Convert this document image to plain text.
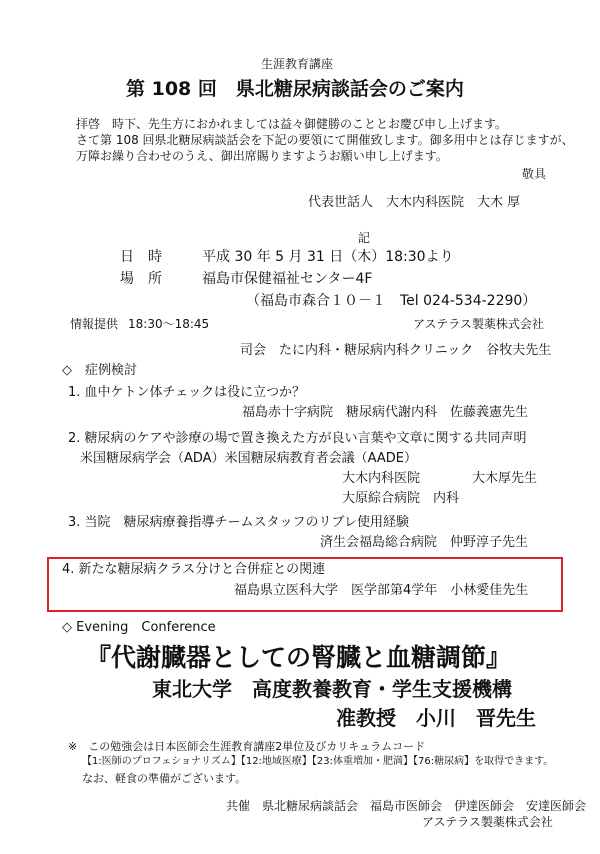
生涯教育講座
第 108 回　県北糖尿病談話会のご案内
拝啓　時下、先生方におかれましては益々御健勝のこととお慶び申し上げます。
さて第 108 回県北糖尿病談話会を下記の要領にて開催致します。御多用中とは存じますが、
万障お繰り合わせのうえ、御出席賜りますようお願い申し上げます。
敬具
代表世話人　大木内科医院　大木 厚
記
日　時	平成 30 年 5 月 31 日（木）18:30より
場　所	福島市保健福祉センター4F
（福島市森合１０－１　Tel 024-534-2290）
情報提供 18:30～18:45	アステラス製薬株式会社
司会　たに内科・糖尿病内科クリニック　谷牧夫先生
◇　症例検討
1. 血中ケトン体チェックは役に立つか？
福島赤十字病院　糖尿病代謝内科　佐藤義憲先生
2. 糖尿病のケアや診療の場で置き換えた方が良い言葉や文章に関する共同声明
米国糖尿病学会（ADA）米国糖尿病教育者会議（AADE）
大木内科医院	大木厚先生
大原綜合病院　内科
3. 当院　糖尿病療養指導チームスタッフのリブレ使用経験
済生会福島総合病院　仲野淳子先生
4. 新たな糖尿病クラス分けと合併症との関連
福島県立医科大学　医学部第4学年　小林愛佳先生
◇ Evening　Conference
『代謝臓器としての腎臓と血糖調節』
東北大学　高度教養教育・学生支援機構
准教授　小川　晋先生
※　この勉強会は日本医師会生涯教育講座2単位及びカリキュラムコード
【1:医師のプロフェショナリズム】【12:地域医療】【23:体重増加・肥満】【76:糖尿病】を取得できます。
なお、軽食の準備がございます。
共催　県北糖尿病談話会　福島市医師会　伊達医師会　安達医師会
アステラス製薬株式会社
